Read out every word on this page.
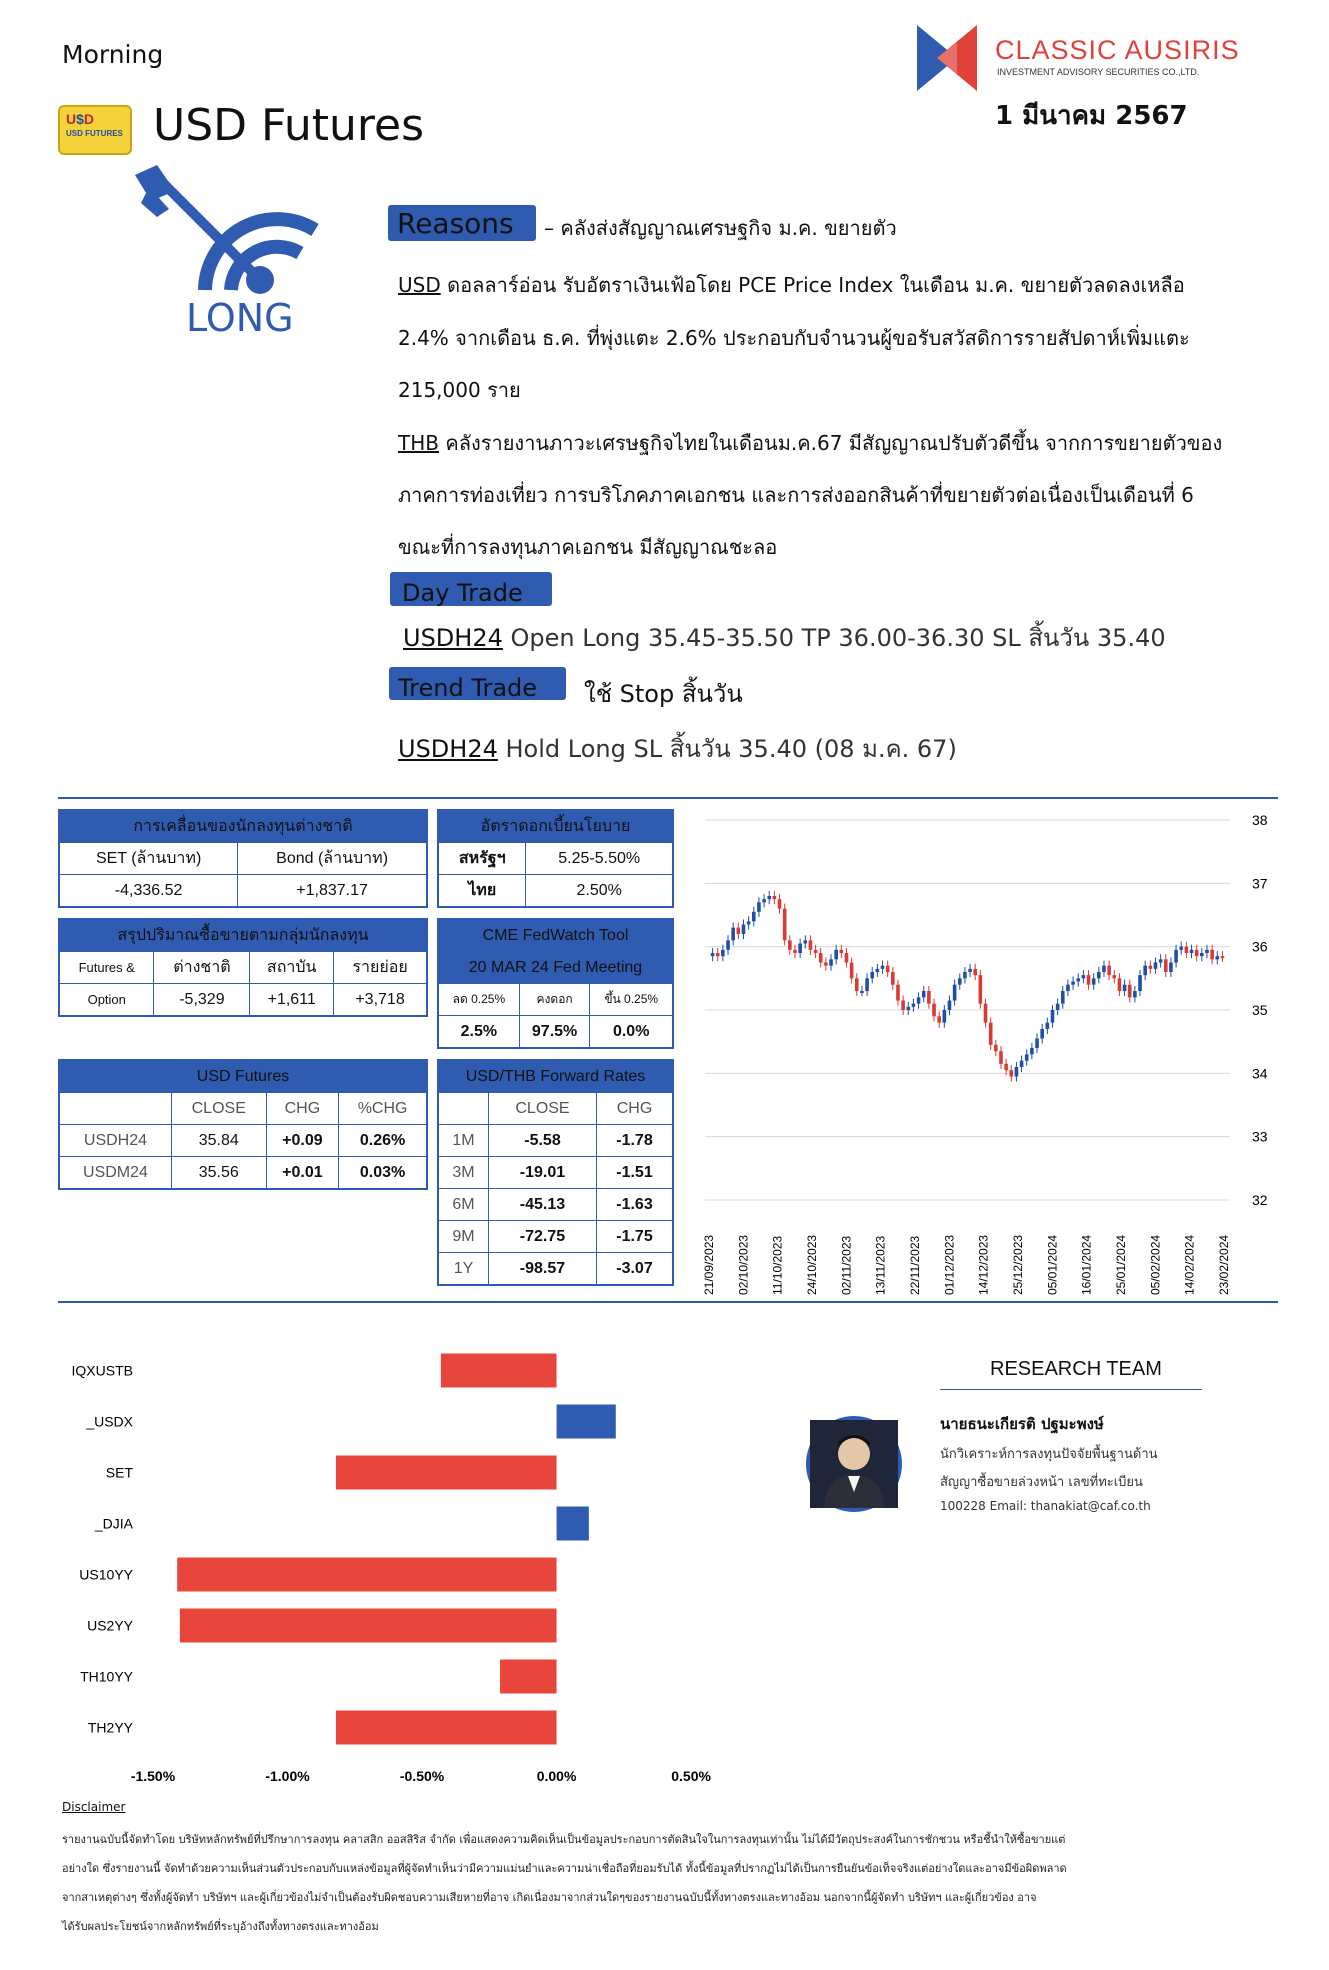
Morning
U$D
USD FUTURES USD Futures
CLASSIC AUSIRIS
INVESTMENT ADVISORY SECURITIES CO.,LTD.
1 มีนาคม 2567
LONG
Reasons – คลังส่งสัญญาณเศรษฐกิจ ม.ค. ขยายตัว
USD ดอลลาร์อ่อน รับอัตราเงินเฟ้อโดย PCE Price Index ในเดือน ม.ค. ขยายตัวลดลงเหลือ
2.4% จากเดือน ธ.ค. ที่พุ่งแตะ 2.6% ประกอบกับจำนวนผู้ขอรับสวัสดิการรายสัปดาห์เพิ่มแตะ
215,000 ราย
THB คลังรายงานภาวะเศรษฐกิจไทยในเดือนม.ค.67 มีสัญญาณปรับตัวดีขึ้น จากการขยายตัวของ
ภาคการท่องเที่ยว การบริโภคภาคเอกชน และการส่งออกสินค้าที่ขยายตัวต่อเนื่องเป็นเดือนที่ 6
ขณะที่การลงทุนภาคเอกชน มีสัญญาณชะลอ
Day Trade
USDH24 Open Long 35.45-35.50 TP 36.00-36.30 SL สิ้นวัน 35.40
Trend Trade ใช้ Stop สิ้นวัน
USDH24 Hold Long SL สิ้นวัน 35.40 (08 ม.ค. 67)
การเคลื่อนของนักลงทุนต่างชาติ	
SET (ล้านบาท)	Bond (ล้านบาท)
-4,336.52	+1,837.17
อัตราดอกเบี้ยนโยบาย	
สหรัฐฯ	5.25-5.50%
ไทย	2.50%
สรุปปริมาณซื้อขายตามกลุ่มนักลงทุน			
Futures &	ต่างชาติ	สถาบัน	รายย่อย
Option	-5,329	+1,611	+3,718
CME FedWatch Tool		
20 MAR 24 Fed Meeting		
ลด 0.25%	คงดอก	ขึ้น 0.25%
2.5%	97.5%	0.0%
USD Futures			
	CLOSE	CHG	%CHG
USDH24	35.84	+0.09	0.26%
USDM24	35.56	+0.01	0.03%
USD/THB Forward Rates		
	CLOSE	CHG
1M	-5.58	-1.78
3M	-19.01	-1.51
6M	-45.13	-1.63
9M	-72.75	-1.75
1Y	-98.57	-3.07
38
37
36
35
34
33
32
21/09/2023 02/10/2023 11/10/2023 24/10/2023 02/11/2023 13/11/2023 22/11/2023 01/12/2023 14/12/2023 25/12/2023 05/01/2024 16/01/2024 25/01/2024 05/02/2024 14/02/2024 23/02/2024
IQXUSTB
_USDX
SET
_DJIA
US10YY
US2YY
TH10YY
TH2YY
-1.50%	-1.00%	-0.50%	0.00%	0.50%
RESEARCH TEAM
นายธนะเกียรติ ปฐมะพงษ์
นักวิเคราะห์การลงทุนปัจจัยพื้นฐานด้าน
สัญญาซื้อขายล่วงหน้า เลขที่ทะเบียน
100228 Email: thanakiat@caf.co.th
Disclaimer
รายงานฉบับนี้จัดทำโดย บริษัทหลักทรัพย์ที่ปรึกษาการลงทุน คลาสสิก ออสสิริส จำกัด เพื่อแสดงความคิดเห็นเป็นข้อมูลประกอบการตัดสินใจในการลงทุนเท่านั้น ไม่ได้มีวัตถุประสงค์ในการชักชวน หรือชี้นำให้ซื้อขายแต่
อย่างใด ซึ่งรายงานนี้ จัดทำด้วยความเห็นส่วนตัวประกอบกับแหล่งข้อมูลที่ผู้จัดทำเห็นว่ามีความแม่นยำและความน่าเชื่อถือที่ยอมรับได้ ทั้งนี้ข้อมูลที่ปรากฏไม่ได้เป็นการยืนยันข้อเท็จจริงแต่อย่างใดและอาจมีข้อผิดพลาด
จากสาเหตุต่างๆ ซึ่งทั้งผู้จัดทำ บริษัทฯ และผู้เกี่ยวข้องไม่จำเป็นต้องรับผิดชอบความเสียหายที่อาจ เกิดเนื่องมาจากส่วนใดๆของรายงานฉบับนี้ทั้งทางตรงและทางอ้อม นอกจากนี้ผู้จัดทำ บริษัทฯ และผู้เกี่ยวข้อง อาจ
ได้รับผลประโยชน์จากหลักทรัพย์ที่ระบุอ้างถึงทั้งทางตรงและทางอ้อม
